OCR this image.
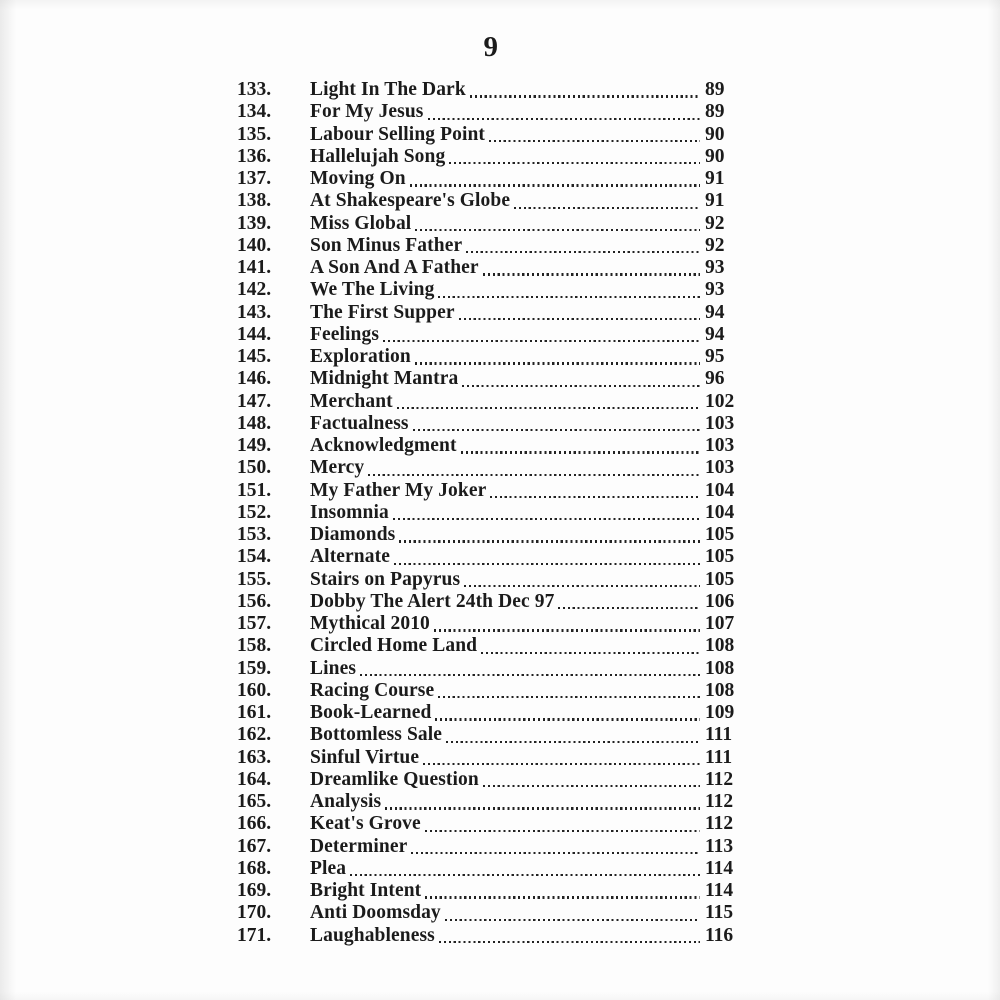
9
133.	Light In The Dark	89
134.	For My Jesus	89
135.	Labour Selling Point	90
136.	Hallelujah Song	90
137.	Moving On	91
138.	At Shakespeare's Globe	91
139.	Miss Global	92
140.	Son Minus Father	92
141.	A Son And A Father	93
142.	We The Living	93
143.	The First Supper	94
144.	Feelings	94
145.	Exploration	95
146.	Midnight Mantra	96
147.	Merchant	102
148.	Factualness	103
149.	Acknowledgment	103
150.	Mercy	103
151.	My Father My Joker	104
152.	Insomnia	104
153.	Diamonds	105
154.	Alternate	105
155.	Stairs on Papyrus	105
156.	Dobby The Alert 24th Dec 97	106
157.	Mythical 2010	107
158.	Circled Home Land	108
159.	Lines	108
160.	Racing Course	108
161.	Book-Learned	109
162.	Bottomless Sale	111
163.	Sinful Virtue	111
164.	Dreamlike Question	112
165.	Analysis	112
166.	Keat's Grove	112
167.	Determiner	113
168.	Plea	114
169.	Bright Intent	114
170.	Anti Doomsday	115
171.	Laughableness	116
